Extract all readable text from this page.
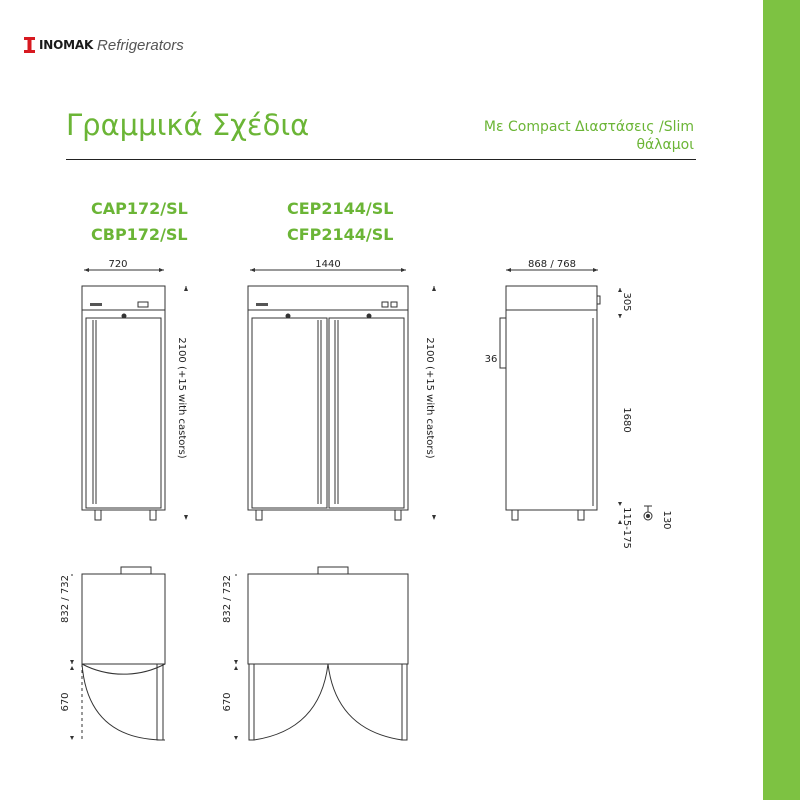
INOMAK Refrigerators
Γραμμικά Σχέδια	Με Compact Διαστάσεις /Slim
θάλαμοι
CAP172/SL
CBP172/SL
CEP2144/SL
CFP2144/SL
720	1440	868 / 768
2100 (+15 with castors)	2100 (+15 with castors)
305
36
1680
130
115-175
832 / 732
670
832 / 732
670
